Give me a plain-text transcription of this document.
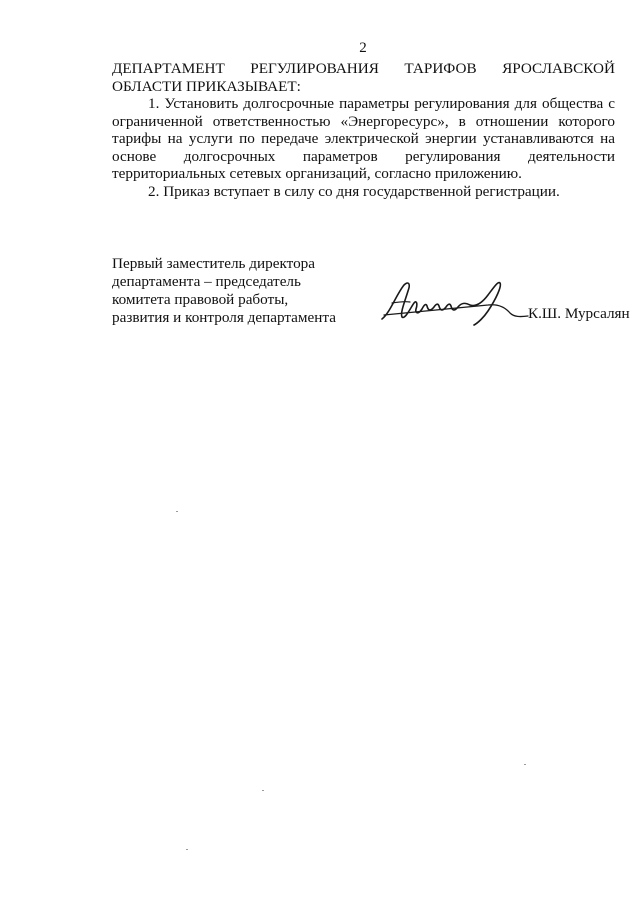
2
ДЕПАРТАМЕНТ РЕГУЛИРОВАНИЯ ТАРИФОВ ЯРОСЛАВСКОЙ
ОБЛАСТИ ПРИКАЗЫВАЕТ:

1. Установить долгосрочные параметры регулирования для общества с ограниченной ответственностью «Энергоресурс», в отношении которого тарифы на услуги по передаче электрической энергии устанавливаются на основе долгосрочных параметров регулирования деятельности территориальных сетевых организаций, согласно приложению.

2. Приказ вступает в силу со дня государственной регистрации.

Первый заместитель директора
департамента – председатель
комитета правовой работы,
развития и контроля департамента	К.Ш. Мурсалян
